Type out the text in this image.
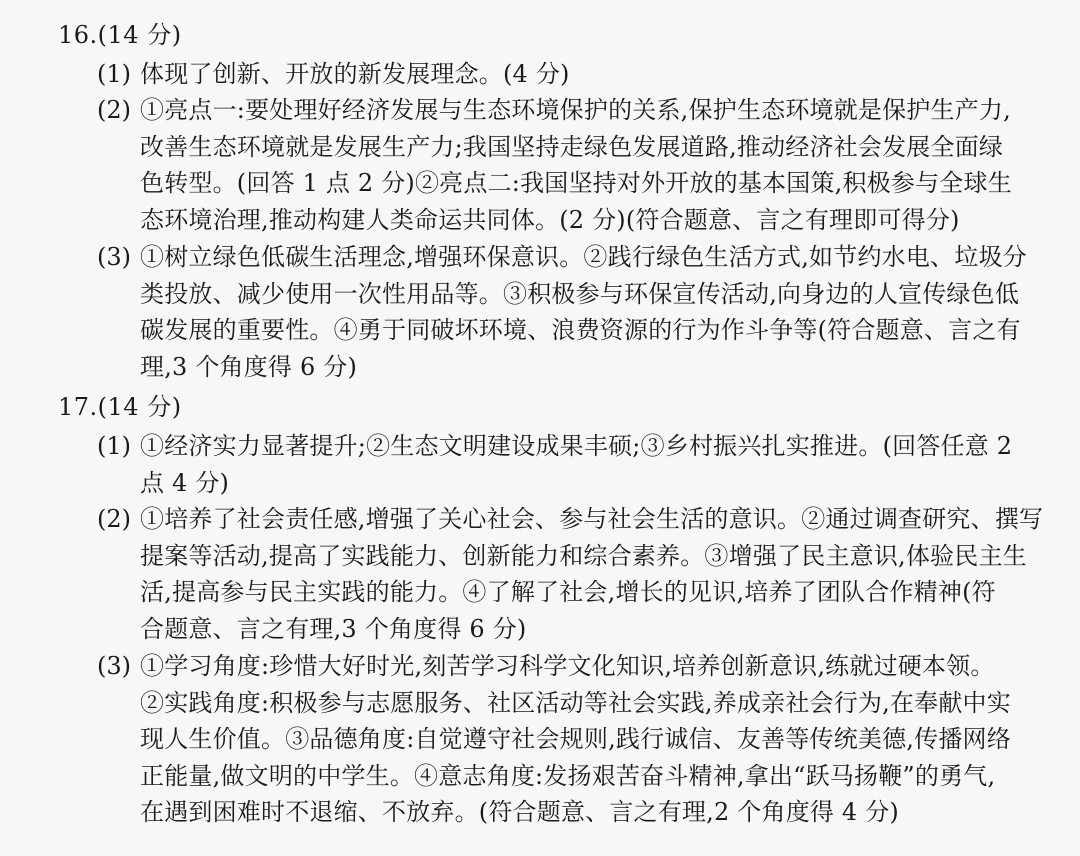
16.(14 分)
(1) 体现了创新、开放的新发展理念。(4 分)
(2) ①亮点一:要处理好经济发展与生态环境保护的关系,保护生态环境就是保护生产力,
改善生态环境就是发展生产力;我国坚持走绿色发展道路,推动经济社会发展全面绿
色转型。(回答 1 点 2 分)②亮点二:我国坚持对外开放的基本国策,积极参与全球生
态环境治理,推动构建人类命运共同体。(2 分)(符合题意、言之有理即可得分)
(3) ①树立绿色低碳生活理念,增强环保意识。②践行绿色生活方式,如节约水电、垃圾分
类投放、减少使用一次性用品等。③积极参与环保宣传活动,向身边的人宣传绿色低
碳发展的重要性。④勇于同破坏环境、浪费资源的行为作斗争等(符合题意、言之有
理,3 个角度得 6 分)
17.(14 分)
(1) ①经济实力显著提升;②生态文明建设成果丰硕;③乡村振兴扎实推进。(回答任意 2
点 4 分)
(2) ①培养了社会责任感,增强了关心社会、参与社会生活的意识。②通过调查研究、撰写
提案等活动,提高了实践能力、创新能力和综合素养。③增强了民主意识,体验民主生
活,提高参与民主实践的能力。④了解了社会,增长的见识,培养了团队合作精神(符
合题意、言之有理,3 个角度得 6 分)
(3) ①学习角度:珍惜大好时光,刻苦学习科学文化知识,培养创新意识,练就过硬本领。
②实践角度:积极参与志愿服务、社区活动等社会实践,养成亲社会行为,在奉献中实
现人生价值。③品德角度:自觉遵守社会规则,践行诚信、友善等传统美德,传播网络
正能量,做文明的中学生。④意志角度:发扬艰苦奋斗精神,拿出“跃马扬鞭”的勇气,
在遇到困难时不退缩、不放弃。(符合题意、言之有理,2 个角度得 4 分)
